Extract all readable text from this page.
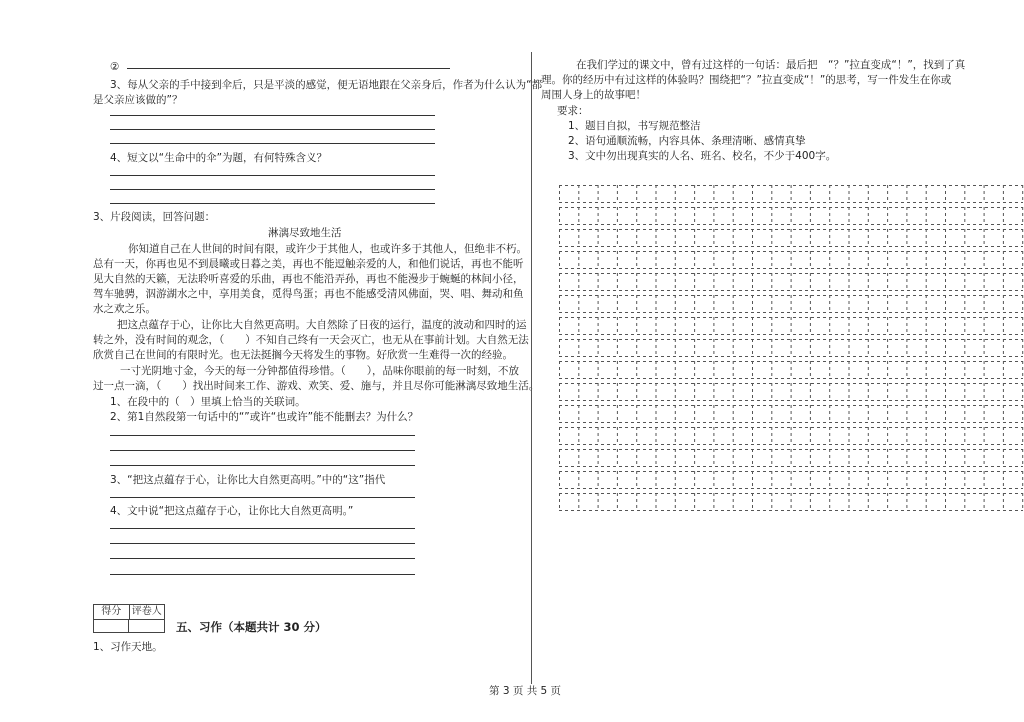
②
3、每从父亲的手中接到伞后，只是平淡的感觉，便无语地跟在父亲身后，作者为什么认为“都
是父亲应该做的”？
4、短文以“生命中的伞”为题，有何特殊含义？
3、片段阅读，回答问题：
淋漓尽致地生活
你知道自己在人世间的时间有限，或许少于其他人，也或许多于其他人，但绝非不朽。
总有一天，你再也见不到晨曦或日暮之美，再也不能逗触亲爱的人，和他们说话，再也不能听
见大自然的天籁，无法聆听喜爱的乐曲，再也不能沿弄孙，再也不能漫步于蜿蜒的林间小径，
驾车驰骋，泅游湖水之中，享用美食，觅得鸟蛋；再也不能感受清风佛面，哭、唱、舞动和鱼
水之欢之乐。
把这点蕴存于心，让你比大自然更高明。大自然除了日夜的运行，温度的波动和四时的运
转之外，没有时间的观念，（　　）不知自己终有一天会灭亡，也无从在事前计划。大自然无法
欣赏自己在世间的有限时光。也无法挺搁今天将发生的事物。好欣赏一生难得一次的经验。
一寸光阴地寸金，今天的每一分钟都值得珍惜。（　　），品味你眼前的每一时刻，不放
过一点一滴，（　　）找出时间来工作、游戏、欢笑、爱、施与，并且尽你可能淋漓尽致地生活。
1、在段中的（　）里填上恰当的关联词。
2、第1自然段第一句话中的“”或许“也或许”能不能删去？为什么？
3、“把这点蕴存于心，让你比大自然更高明。”中的“这”指代
4、文中说“把这点蕴存于心，让你比大自然更高明。”
得分	评卷人
五、习作（本题共计 30 分）
1、习作天地。
在我们学过的课文中，曾有过这样的一句话：最后把　“？”拉直变成“！”，找到了真
理。你的经历中有过这样的体验吗？围绕把“？”拉直变成“！”的思考，写一件发生在你或
周围人身上的故事吧！
要求：
1、题目自拟，书写规范整洁
2、语句通顺流畅，内容具体、条理清晰、感情真挚
3、文中勿出现真实的人名、班名、校名，不少于400字。
第 3 页 共 5 页
